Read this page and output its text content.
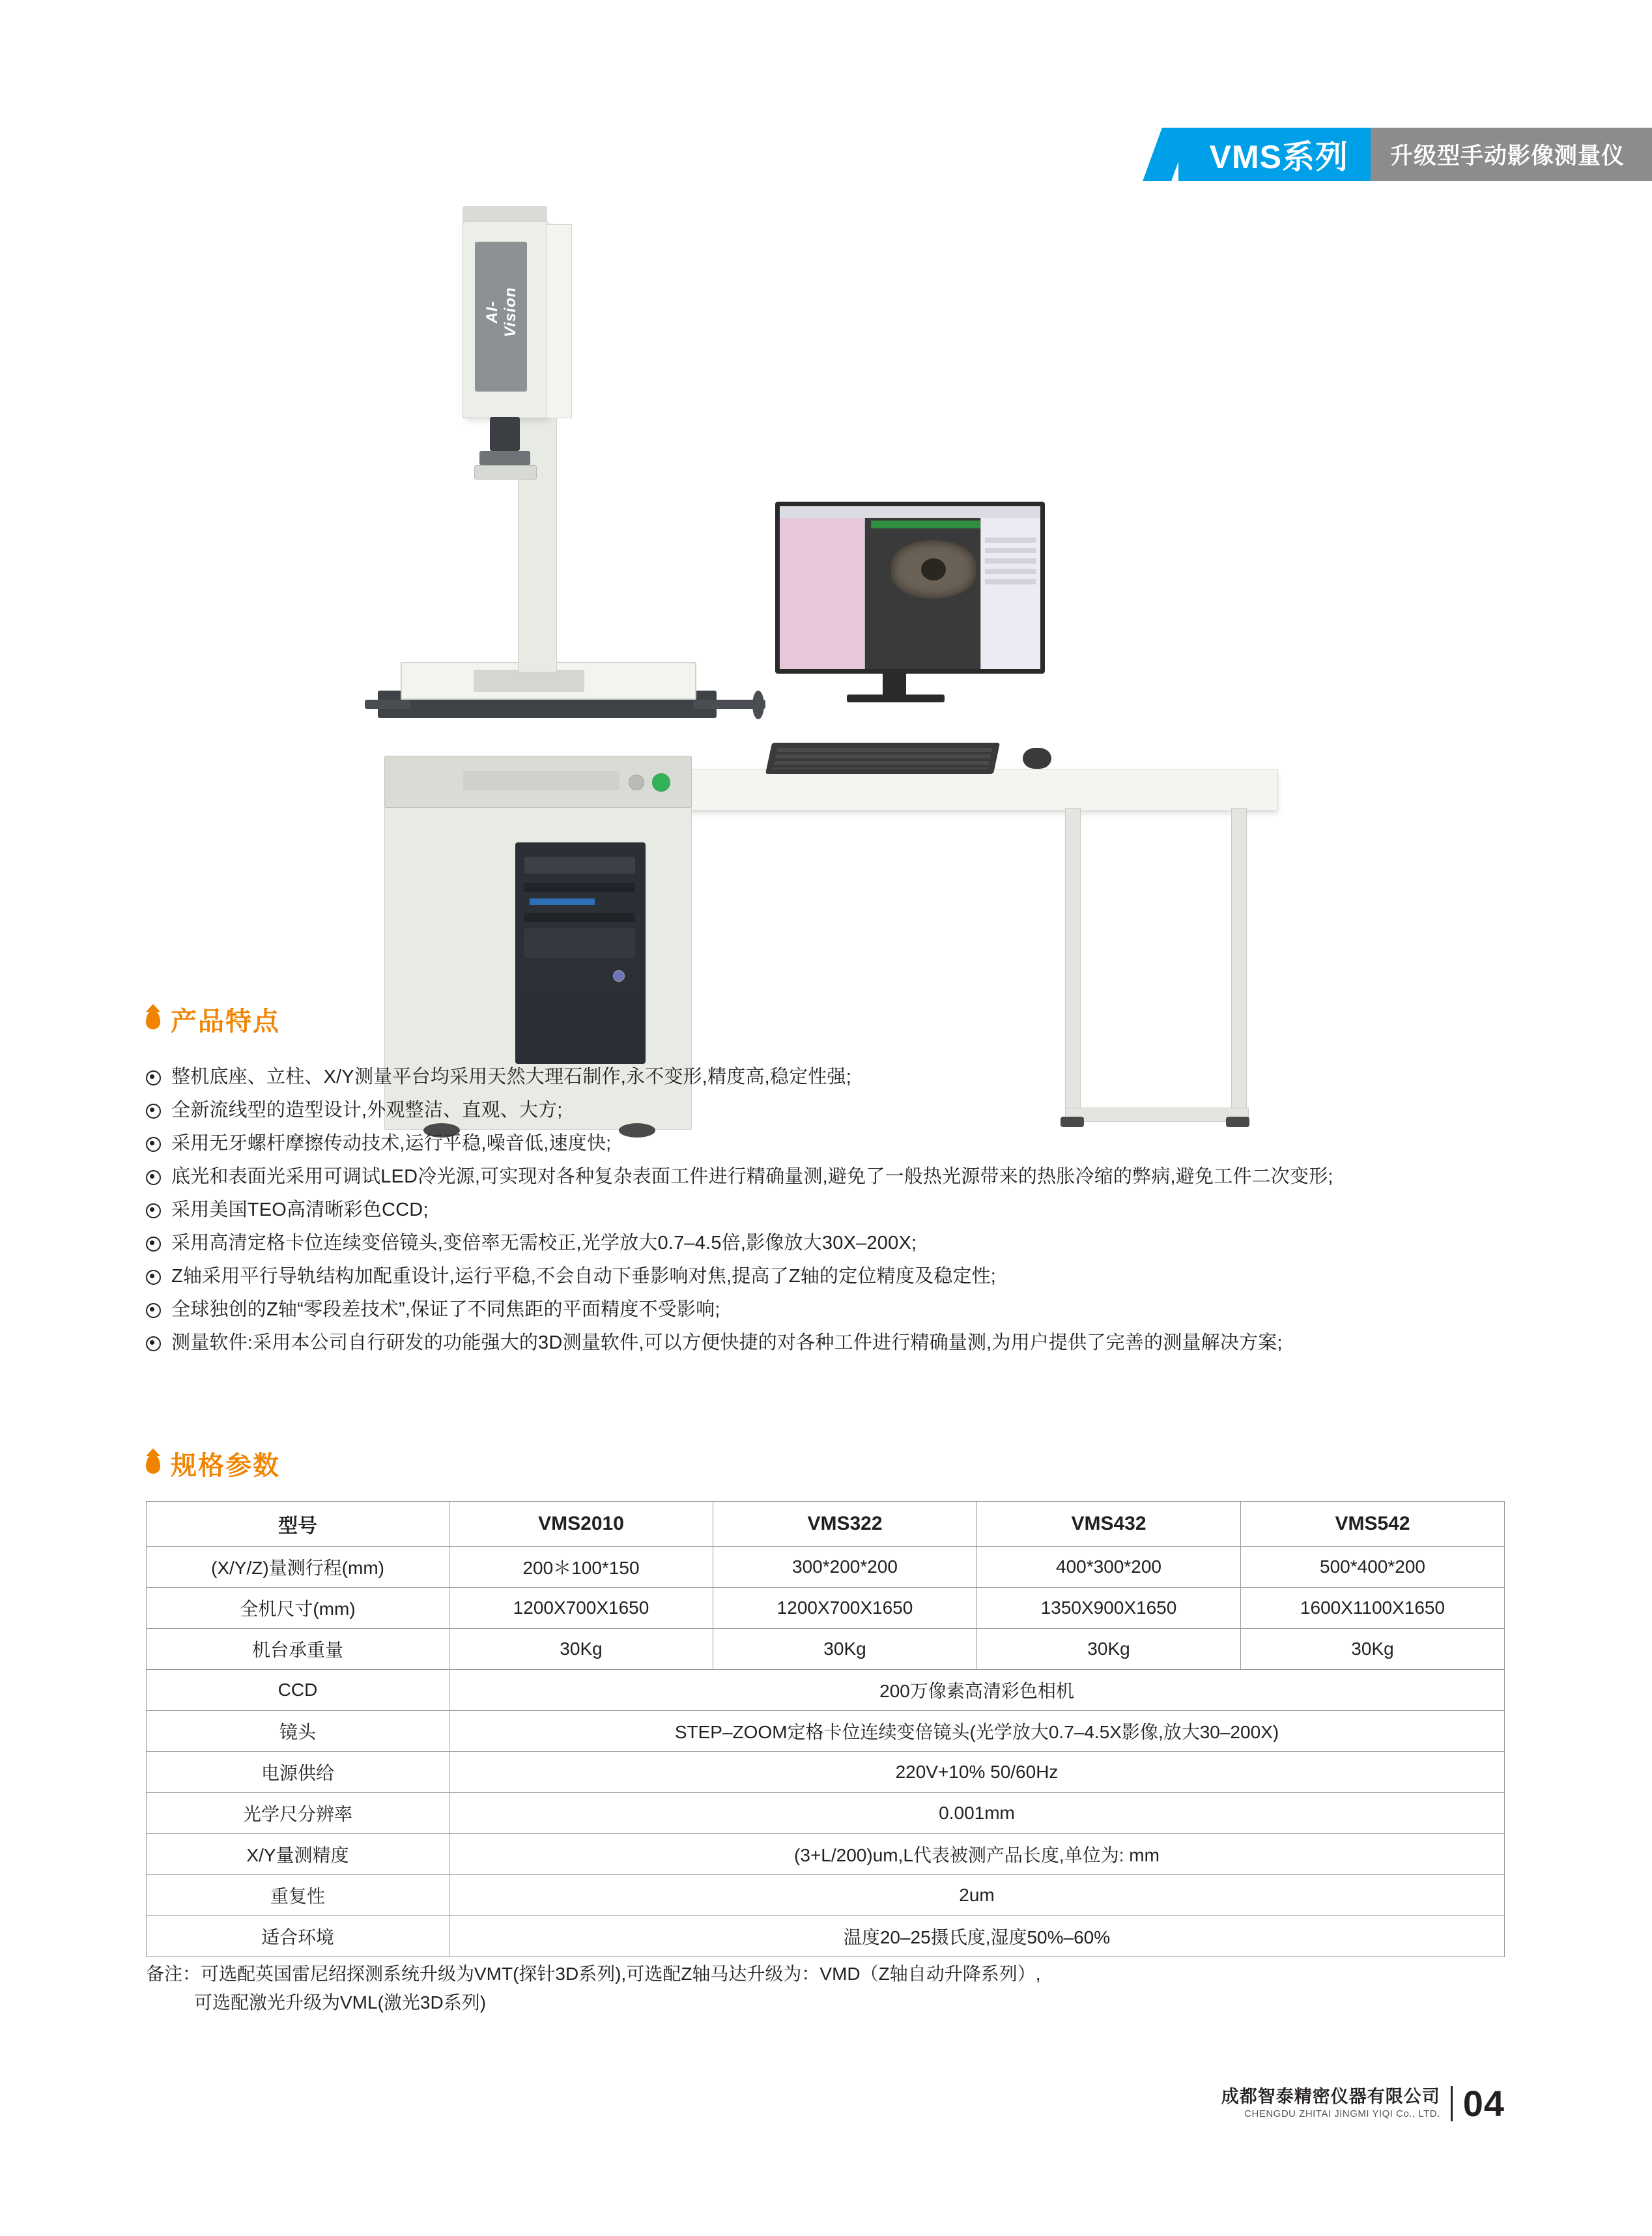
VMS系列 升级型手动影像测量仪
AI-Vision
产品特点
整机底座、立柱、X/Y测量平台均采用天然大理石制作,永不变形,精度高,稳定性强;
全新流线型的造型设计,外观整洁、直观、大方;
采用无牙螺杆摩擦传动技术,运行平稳,噪音低,速度快;
底光和表面光采用可调试LED冷光源,可实现对各种复杂表面工件进行精确量测,避免了一般热光源带来的热胀冷缩的弊病,避免工件二次变形;
采用美国TEO高清晰彩色CCD;
采用高清定格卡位连续变倍镜头,变倍率无需校正,光学放大0.7–4.5倍,影像放大30X–200X;
Z轴采用平行导轨结构加配重设计,运行平稳,不会自动下垂影响对焦,提高了Z轴的定位精度及稳定性;
全球独创的Z轴“零段差技术”,保证了不同焦距的平面精度不受影响;
测量软件:采用本公司自行研发的功能强大的3D测量软件,可以方便快捷的对各种工件进行精确量测,为用户提供了完善的测量解决方案;
规格参数
型号	VMS2010	VMS322	VMS432	VMS542
(X/Y/Z)量测行程(mm)	200＊100*150	300*200*200	400*300*200	500*400*200
全机尺寸(mm)	1200X700X1650	1200X700X1650	1350X900X1650	1600X1100X1650
机台承重量	30Kg	30Kg	30Kg	30Kg
CCD	200万像素高清彩色相机			
镜头	STEP–ZOOM定格卡位连续变倍镜头(光学放大0.7–4.5X影像,放大30–200X)			
电源供给	220V+10% 50/60Hz			
光学尺分辨率	0.001mm			
X/Y量测精度	(3+L/200)um,L代表被测产品长度,单位为: mm			
重复性	2um			
适合环境	温度20–25摄氏度,湿度50%–60%			
备注：可选配英国雷尼绍探测系统升级为VMT(探针3D系列),可选配Z轴马达升级为：VMD（Z轴自动升降系列）,
可选配激光升级为VML(激光3D系列)
成都智泰精密仪器有限公司
CHENGDU ZHITAI JINGMI YIQI Co., LTD. 04
